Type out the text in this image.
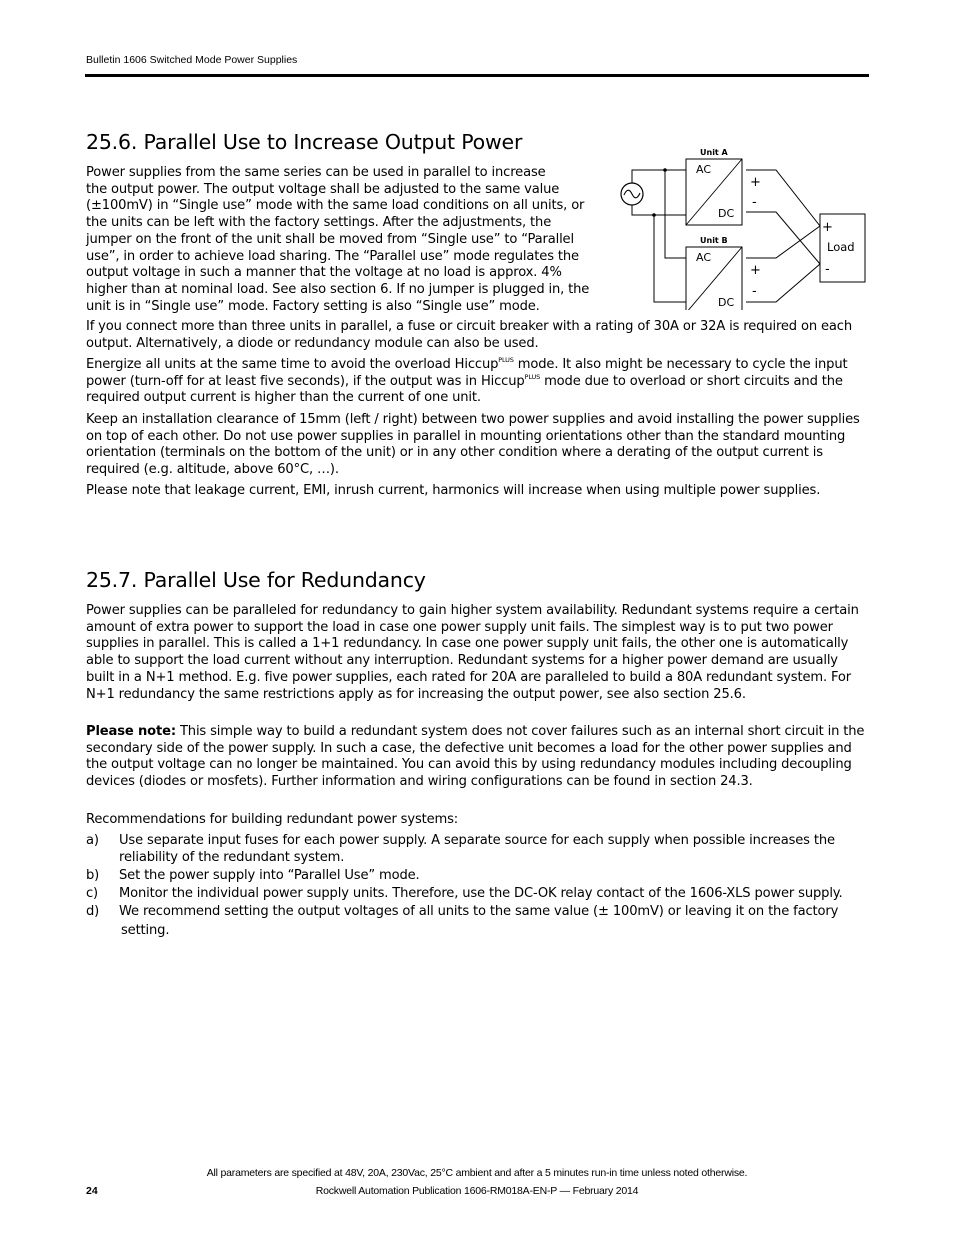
Bulletin 1606 Switched Mode Power Supplies
25.6. Parallel Use to Increase Output Power
Power supplies from the same series can be used in parallel to increase
the output power. The output voltage shall be adjusted to the same value
(±100mV) in “Single use” mode with the same load conditions on all units, or
the units can be left with the factory settings. After the adjustments, the
jumper on the front of the unit shall be moved from “Single use” to “Parallel
use”, in order to achieve load sharing. The “Parallel use” mode regulates the
output voltage in such a manner that the voltage at no load is approx. 4%
higher than at nominal load. See also section 6. If no jumper is plugged in, the
unit is in “Single use” mode. Factory setting is also “Single use” mode.
Unit A
AC
DC
Unit B
AC
DC
+
-
+
-
+
Load
-

If you connect more than three units in parallel, a fuse or circuit breaker with a rating of 30A or 32A is required on each output. Alternatively, a diode or redundancy module can also be used.

Energize all units at the same time to avoid the overload Hiccup$^{PLUS}$ mode. It also might be necessary to cycle the input power (turn-off for at least five seconds), if the output was in Hiccup$^{PLUS}$ mode due to overload or short circuits and the required output current is higher than the current of one unit.

Keep an installation clearance of 15mm (left / right) between two power supplies and avoid installing the power supplies on top of each other. Do not use power supplies in parallel in mounting orientations other than the standard mounting orientation (terminals on the bottom of the unit) or in any other condition where a derating of the output current is required (e.g. altitude, above 60°C, …).

Please note that leakage current, EMI, inrush current, harmonics will increase when using multiple power supplies.

25.7. Parallel Use for Redundancy

Power supplies can be paralleled for redundancy to gain higher system availability. Redundant systems require a certain amount of extra power to support the load in case one power supply unit fails. The simplest way is to put two power supplies in parallel. This is called a 1+1 redundancy. In case one power supply unit fails, the other one is automatically able to support the load current without any interruption. Redundant systems for a higher power demand are usually built in a N+1 method. E.g. five power supplies, each rated for 20A are paralleled to build a 80A redundant system. For N+1 redundancy the same restrictions apply as for increasing the output power, see also section 25.6.

Please note: This simple way to build a redundant system does not cover failures such as an internal short circuit in the secondary side of the power supply. In such a case, the defective unit becomes a load for the other power supplies and the output voltage can no longer be maintained. You can avoid this by using redundancy modules including decoupling devices (diodes or mosfets). Further information and wiring configurations can be found in section 24.3.

Recommendations for building redundant power systems:

a) Use separate input fuses for each power supply. A separate source for each supply when possible increases the reliability of the redundant system.
b) Set the power supply into “Parallel Use” mode.
c) Monitor the individual power supply units. Therefore, use the DC-OK relay contact of the 1606-XLS power supply.
d) We recommend setting the output voltages of all units to the same value (± 100mV) or leaving it on the factory
setting.
All parameters are specified at 48V, 20A, 230Vac, 25°C ambient and after a 5 minutes run-in time unless noted otherwise.
24	Rockwell Automation Publication 1606-RM018A-EN-P — February 2014
